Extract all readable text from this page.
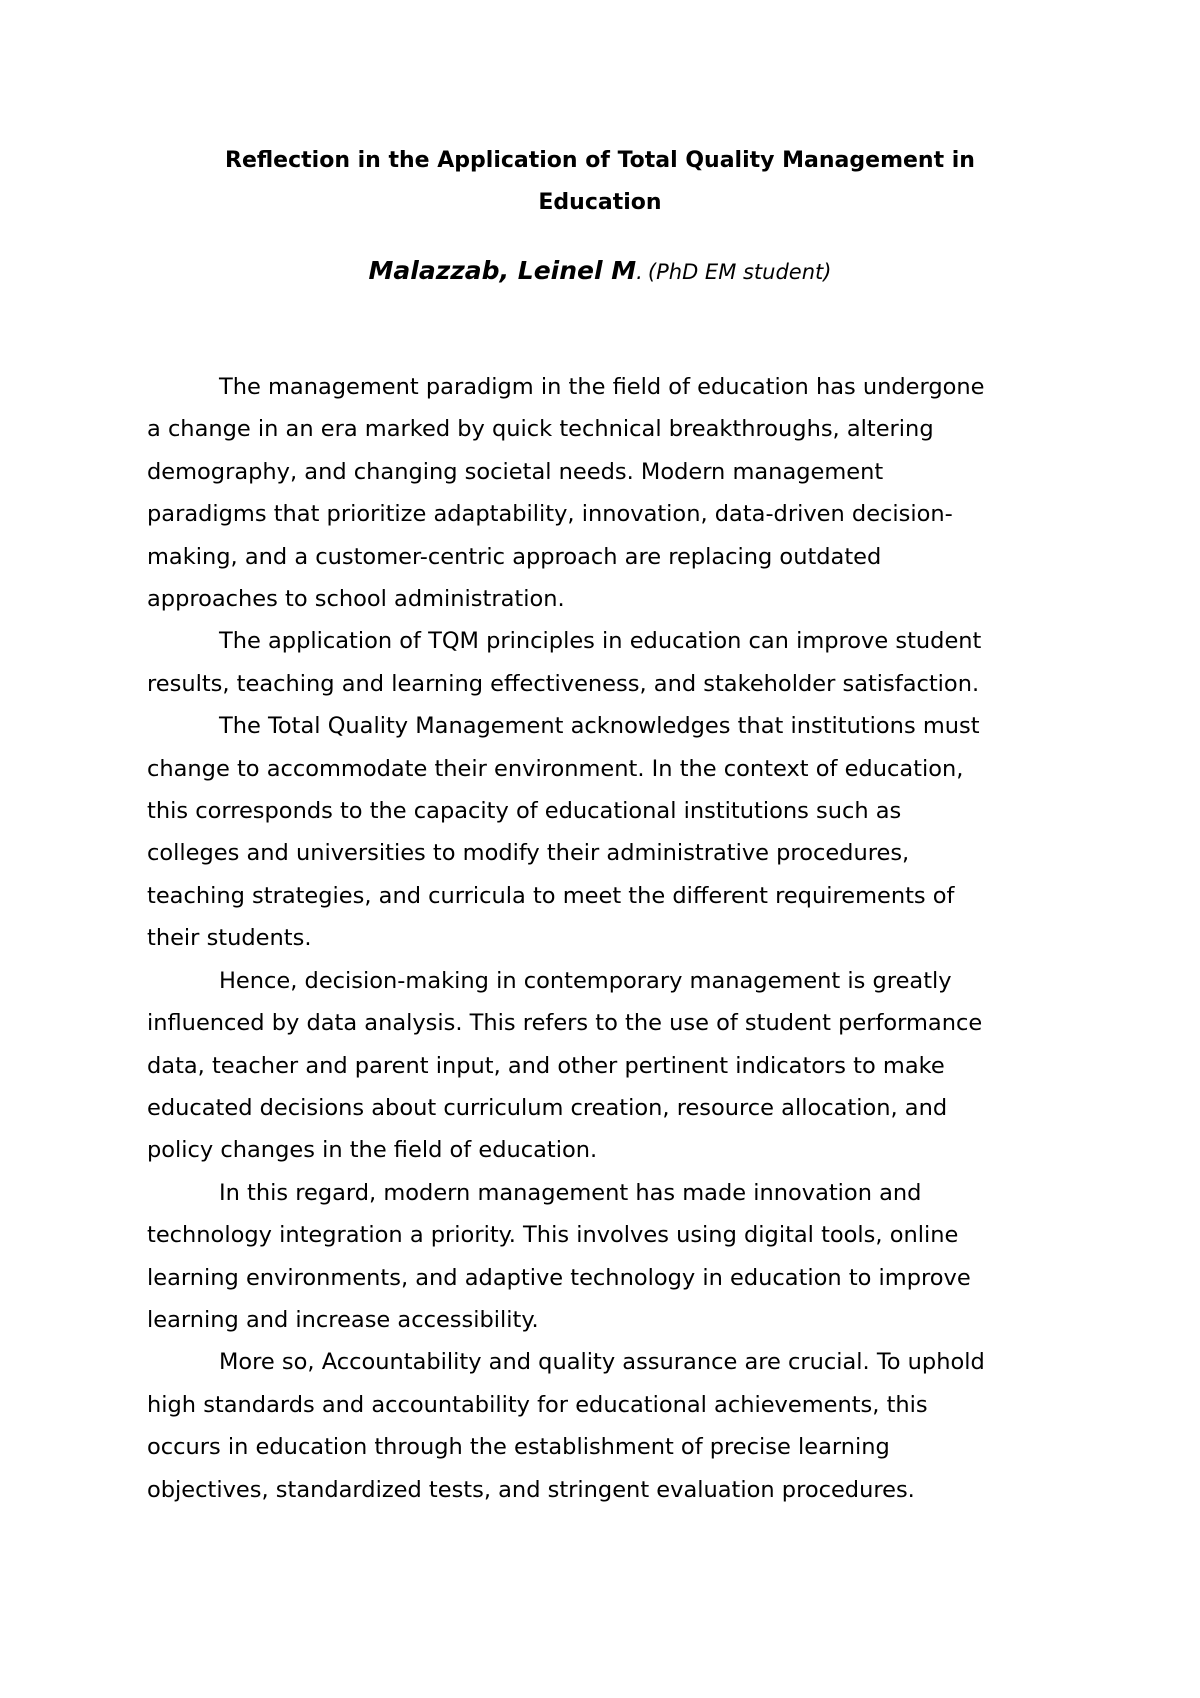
Reflection in the Application of Total Quality Management in
Education

Malazzab, Leinel M. (PhD EM student)

The management paradigm in the field of education has undergone
a change in an era marked by quick technical breakthroughs, altering
demography, and changing societal needs. Modern management
paradigms that prioritize adaptability, innovation, data-driven decision-
making, and a customer-centric approach are replacing outdated
approaches to school administration.

The application of TQM principles in education can improve student
results, teaching and learning effectiveness, and stakeholder satisfaction.

The Total Quality Management acknowledges that institutions must
change to accommodate their environment. In the context of education,
this corresponds to the capacity of educational institutions such as
colleges and universities to modify their administrative procedures,
teaching strategies, and curricula to meet the different requirements of
their students.

Hence, decision-making in contemporary management is greatly
influenced by data analysis. This refers to the use of student performance
data, teacher and parent input, and other pertinent indicators to make
educated decisions about curriculum creation, resource allocation, and
policy changes in the field of education.

In this regard, modern management has made innovation and
technology integration a priority. This involves using digital tools, online
learning environments, and adaptive technology in education to improve
learning and increase accessibility.

More so, Accountability and quality assurance are crucial. To uphold
high standards and accountability for educational achievements, this
occurs in education through the establishment of precise learning
objectives, standardized tests, and stringent evaluation procedures.
